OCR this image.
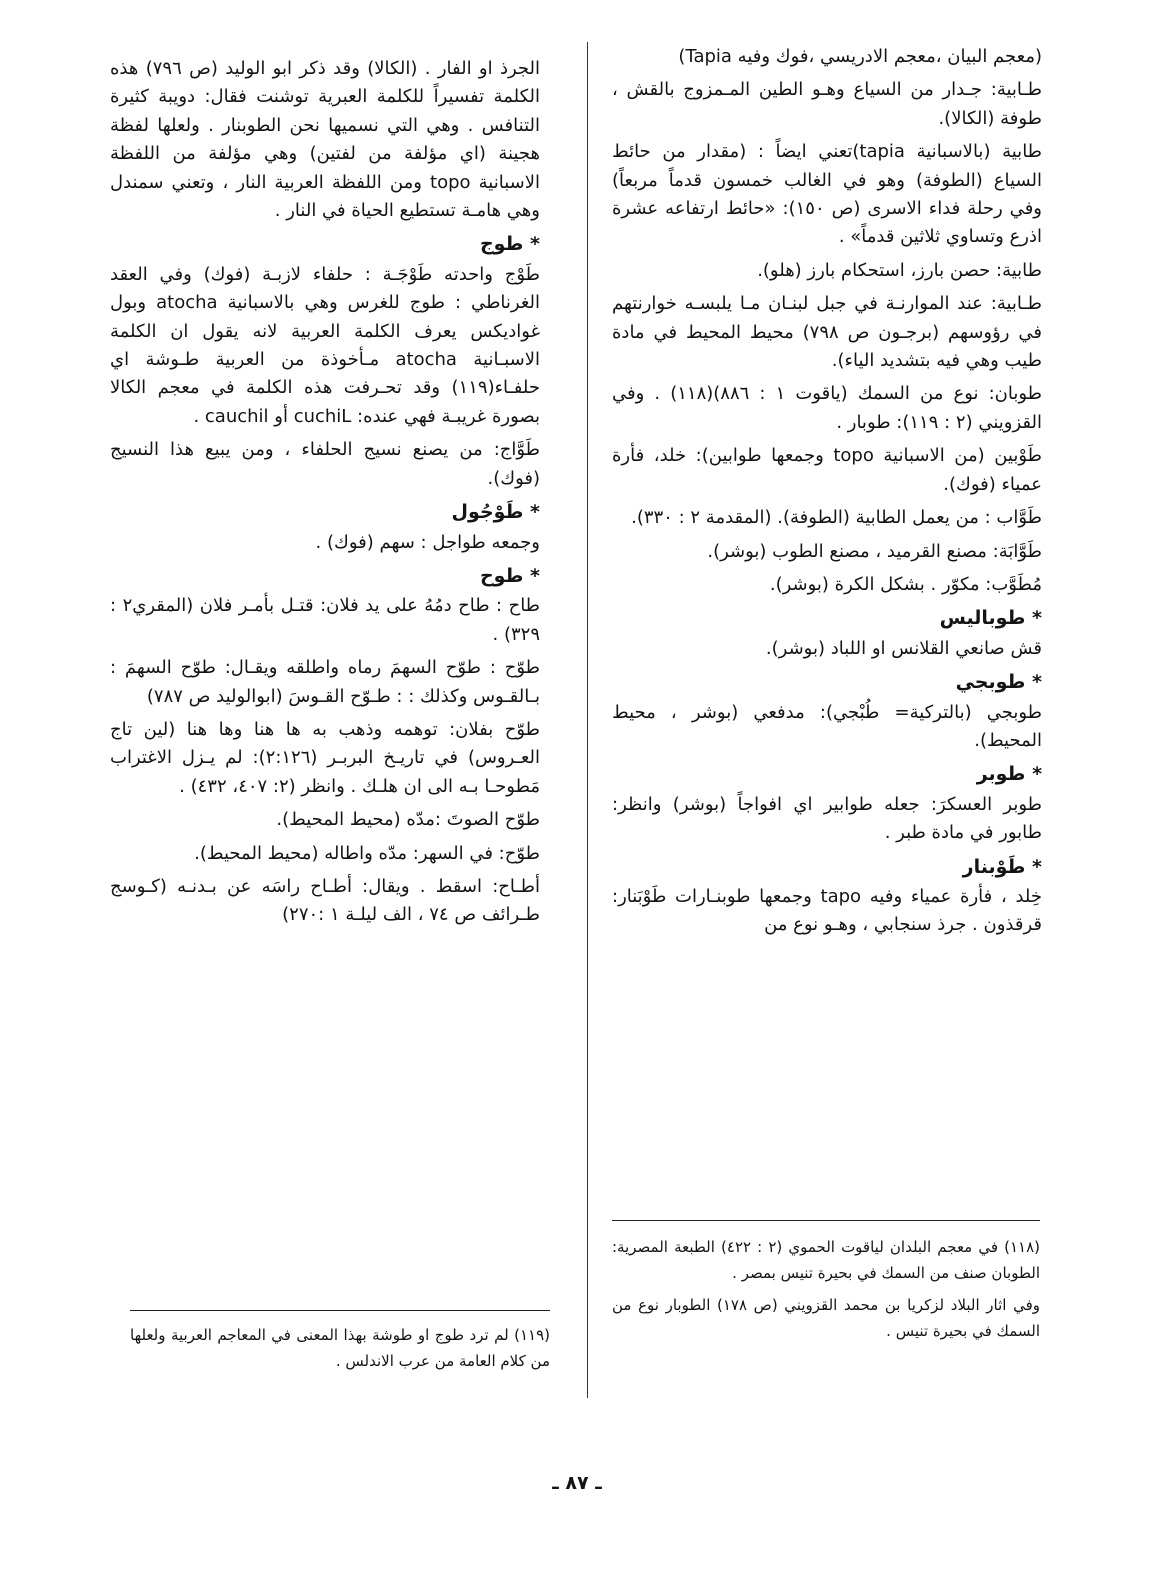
(معجم البيان ،معجم الادريسي ،فوك وفيه Tapia)

طـابية: جـدار من السياع وهـو الطين المـمزوج بالقش ، طوفة (الكالا).

طابية (بالاسبانية tapia)تعني ايضاً : (مقدار من حائط السياع (الطوفة) وهو في الغالب خمسون قدماً مربعاً) وفي رحلة فداء الاسرى (ص ١٥٠): «حائط ارتفاعه عشرة اذرع وتساوي ثلاثين قدماً» .

طابية: حصن بارز، استحكام بارز (هلو).

طـابية: عند الموارنـة في جبل لبنـان مـا يلبسـه خوارنتهم في رؤوسهم (برجـون ص ٧٩٨) محيط المحيط في مادة طيب وهي فيه بتشديد الياء).

طوبان: نوع من السمك (ياقوت ١ : ٨٨٦)(١١٨) . وفي القزويني (٢ : ١١٩): طوبار .

طَوْبين (من الاسبانية topo وجمعها طوابين): خلد، فأرة عمياء (فوك).

طَوَّاب : من يعمل الطابية (الطوفة). (المقدمة ٢ : ٣٣٠).

طَوَّابَة: مصنع القرميد ، مصنع الطوب (بوشر).

مُطَوَّب: مكوّر . بشكل الكرة (بوشر).

* طوباليس

قش صانعي القلانس او اللباد (بوشر).

* طوبجي

طوبجي (بالتركية= طُبْجي): مدفعي (بوشر ، محيط المحيط).

* طوبر

طوبر العسكرَ: جعله طوابير اي افواجاً (بوشر) وانظر: طابور في مادة طبر .

* طَوْبنار

خِلد ، فأرة عمياء وفيه tapo وجمعها طوبنـارات طَوْبَنار: قرقذون . جرذ سنجابي ، وهـو نوع من

(١١٨) في معجم البلدان لياقوت الحموي (٢ : ٤٢٢) الطبعة المصرية: الطوبان صنف من السمك في بحيرة تنيس بمصر .

وفي اثار البلاد لزكريا بن محمد القزويني (ص ١٧٨) الطوبار نوع من السمك في بحيرة تنيس .

الجرذ او الفار . (الكالا) وقد ذكر ابو الوليد (ص ٧٩٦) هذه الكلمة تفسيراً للكلمة العبرية توشنت فقال: دويبة كثيرة التنافس . وهي التي نسميها نحن الطوبنار . ولعلها لفظة هجينة (اي مؤلفة من لفتين) وهي مؤلفة من اللفظة الاسبانية topo ومن اللفظة العربية النار ، وتعني سمندل وهي هامـة تستطيع الحياة في النار .

* طوج

طَوْج واحدته طَوْجَـة : حلفاء لازبـة (فوك) وفي العقد الغرناطي : طوج للغرس وهي بالاسبانية atocha وبول غواديكس يعرف الكلمة العربية لانه يقول ان الكلمة الاسبـانية atocha مـأخوذة من العربية طـوشة اي حلفـاء(١١٩) وقد تحـرفت هذه الكلمة في معجم الكالا بصورة غريبـة فهي عنده: cuchiL أو cauchil .

طَوَّاج: من يصنع نسيج الحلفاء ، ومن يبيع هذا النسيج (فوك).

* طَوْجُول

وجمعه طواجل : سهم (فوك) .

* طوح

طاح : طاح دمُهُ على يد فلان: قتـل بأمـر فلان (المقري٢ : ٣٢٩) .

طوّح : طوّح السهمَ رماه واطلقه ويقـال: طوّح السهمَ : بـالقـوس وكذلك : : طـوّح القـوسَ (ابوالوليد ص ٧٨٧)

طوّح بفلان: توهمه وذهب به ها هنا وها هنا (لين تاج العـروس) في تاريـخ البربـر (٢:١٢٦): لم يـزل الاغتراب مَطوحـا بـه الى ان هلـك . وانظر (٢: ٤٠٧، ٤٣٢) .

طوّح الصوتَ :مدّه (محيط المحيط).

طوّح: في السهر: مدّه واطاله (محيط المحيط).

أطـاح: اسقط . ويقال: أطـاح راسَه عن بـدنـه (كـوسج طـرائف ص ٧٤ ، الف ليلـة ١ :٢٧٠)

(١١٩) لم ترد طوج او طوشة بهذا المعنى في المعاجم العربية ولعلها من كلام العامة من عرب الاندلس .

ـ ٨٧ ـ
